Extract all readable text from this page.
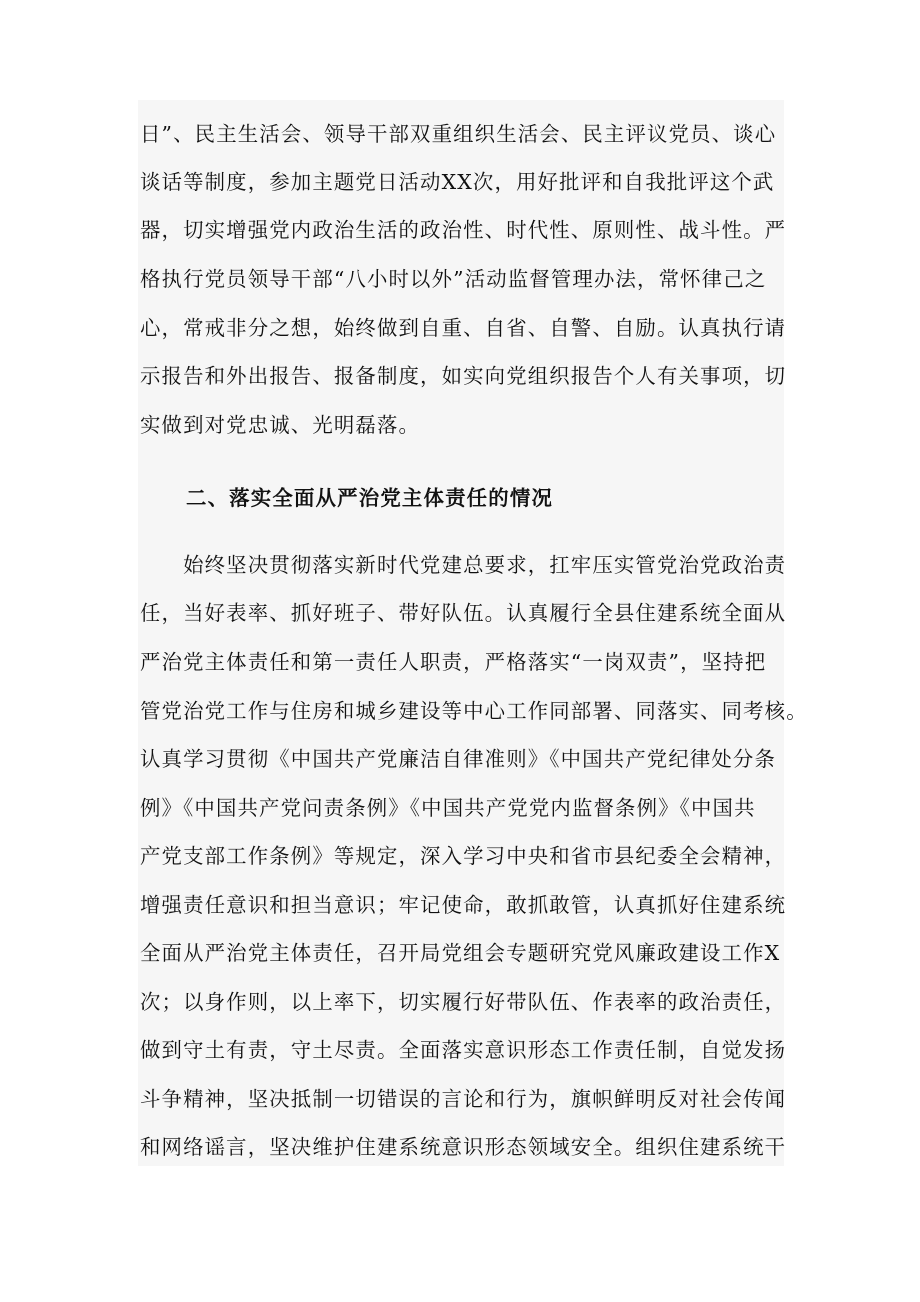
日”、民主生活会、领导干部双重组织生活会、民主评议党员、谈心
谈话等制度，参加主题党日活动XX次，用好批评和自我批评这个武
器，切实增强党内政治生活的政治性、时代性、原则性、战斗性。严
格执行党员领导干部“八小时以外”活动监督管理办法，常怀律己之
心，常戒非分之想，始终做到自重、自省、自警、自励。认真执行请
示报告和外出报告、报备制度，如实向党组织报告个人有关事项，切
实做到对党忠诚、光明磊落。
二、落实全面从严治党主体责任的情况
　　始终坚决贯彻落实新时代党建总要求，扛牢压实管党治党政治责
任，当好表率、抓好班子、带好队伍。认真履行全县住建系统全面从
严治党主体责任和第一责任人职责，严格落实“一岗双责”，坚持把
管党治党工作与住房和城乡建设等中心工作同部署、同落实、同考核。
认真学习贯彻《中国共产党廉洁自律准则》《中国共产党纪律处分条
例》《中国共产党问责条例》《中国共产党党内监督条例》《中国共
产党支部工作条例》等规定，深入学习中央和省市县纪委全会精神，
增强责任意识和担当意识；牢记使命，敢抓敢管，认真抓好住建系统
全面从严治党主体责任，召开局党组会专题研究党风廉政建设工作X
次；以身作则，以上率下，切实履行好带队伍、作表率的政治责任，
做到守土有责，守土尽责。全面落实意识形态工作责任制，自觉发扬
斗争精神，坚决抵制一切错误的言论和行为，旗帜鲜明反对社会传闻
和网络谣言，坚决维护住建系统意识形态领域安全。组织住建系统干
